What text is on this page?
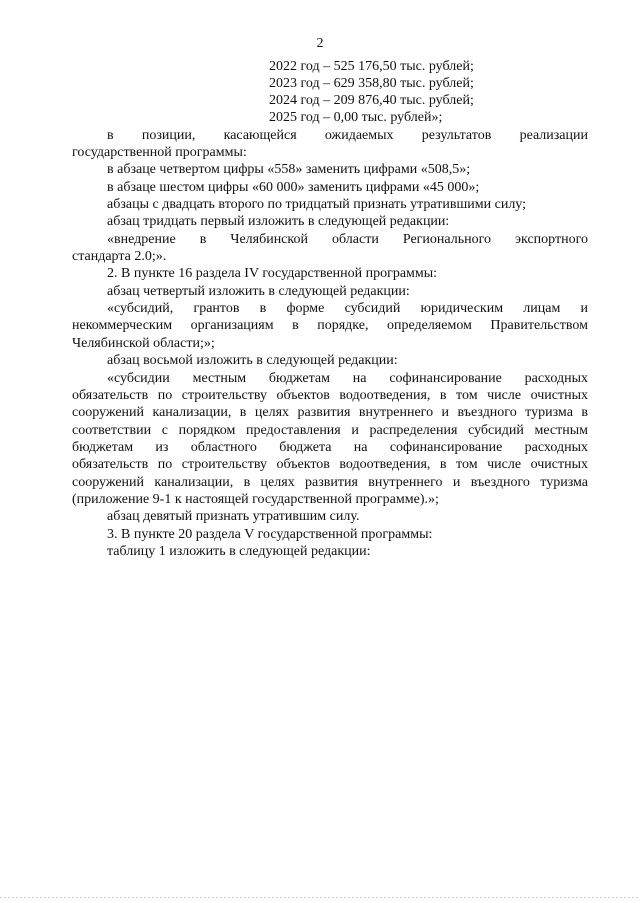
2
2022 год – 525 176,50 тыс. рублей;
2023 год – 629 358,80 тыс. рублей;
2024 год – 209 876,40 тыс. рублей;
2025 год – 0,00 тыс. рублей»;
в позиции, касающейся ожидаемых результатов реализации
государственной программы:
в абзаце четвертом цифры «558» заменить цифрами «508,5»;
в абзаце шестом цифры «60 000» заменить цифрами «45 000»;
абзацы с двадцать второго по тридцатый признать утратившими силу;
абзац тридцать первый изложить в следующей редакции:
«внедрение в Челябинской области Регионального экспортного
стандарта 2.0;».
2. В пункте 16 раздела IV государственной программы:
абзац четвертый изложить в следующей редакции:
«субсидий, грантов в форме субсидий юридическим лицам и
некоммерческим организациям в порядке, определяемом Правительством
Челябинской области;»;
абзац восьмой изложить в следующей редакции:
«субсидии местным бюджетам на софинансирование расходных
обязательств по строительству объектов водоотведения, в том числе очистных
сооружений канализации, в целях развития внутреннего и въездного туризма в
соответствии с порядком предоставления и распределения субсидий местным
бюджетам из областного бюджета на софинансирование расходных
обязательств по строительству объектов водоотведения, в том числе очистных
сооружений канализации, в целях развития внутреннего и въездного туризма
(приложение 9-1 к настоящей государственной программе).»;
абзац девятый признать утратившим силу.
3. В пункте 20 раздела V государственной программы:
таблицу 1 изложить в следующей редакции:
